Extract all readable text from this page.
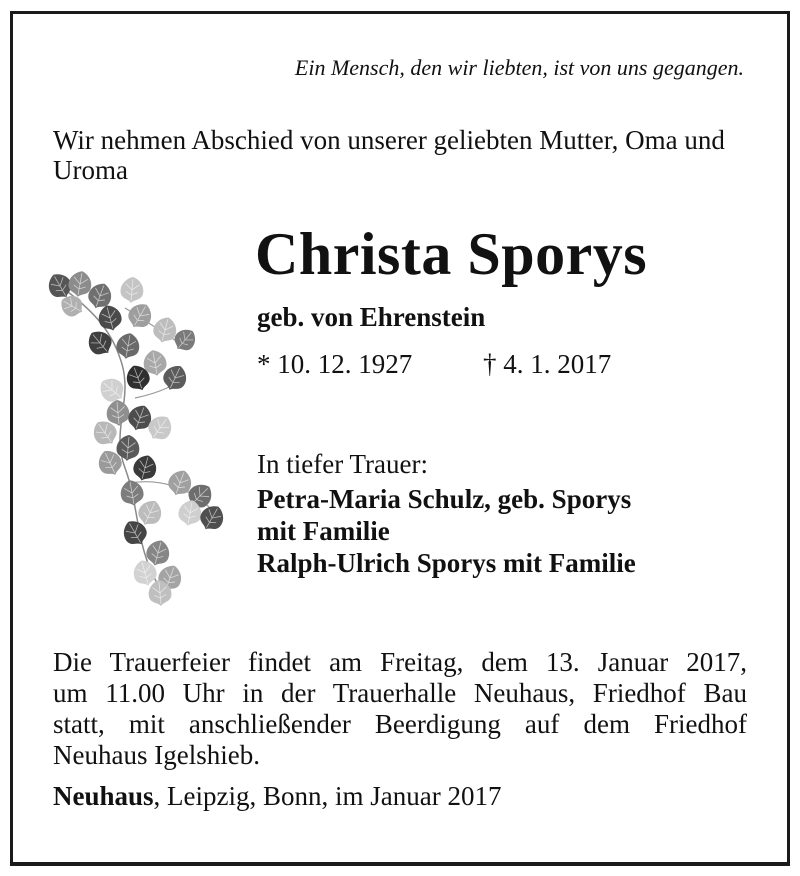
Ein Mensch, den wir liebten, ist von uns gegangen.
Wir nehmen Abschied von unserer geliebten Mutter, Oma und Uroma
Christa Sporys
geb. von Ehrenstein
* 10. 12. 1927	† 4. 1. 2017
In tiefer Trauer:
Petra-Maria Schulz, geb. Sporys
mit Familie
Ralph-Ulrich Sporys mit Familie
Die Trauerfeier findet am Freitag, dem 13. Januar 2017,
um 11.00 Uhr in der Trauerhalle Neuhaus, Friedhof Bau
statt, mit anschließender Beerdigung auf dem Friedhof
Neuhaus Igelshieb.
Neuhaus, Leipzig, Bonn, im Januar 2017
